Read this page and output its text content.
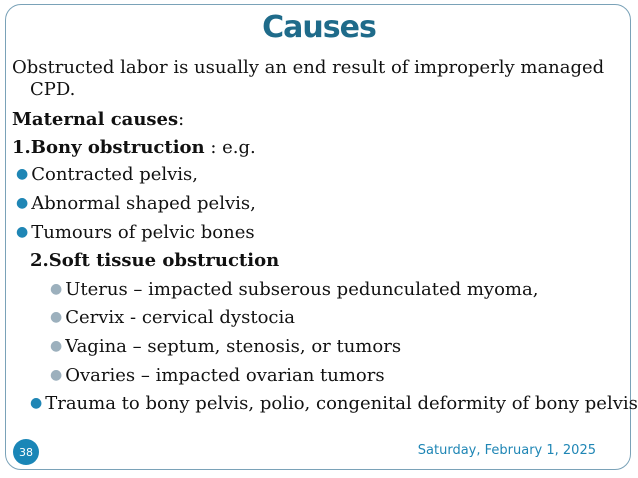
Causes
Obstructed labor is usually an end result of improperly managed
CPD.
Maternal causes:
1.Bony obstruction : e.g.
● Contracted pelvis,
● Abnormal shaped pelvis,
● Tumours of pelvic bones
2.Soft tissue obstruction
● Uterus – impacted subserous pedunculated myoma,
● Cervix - cervical dystocia
● Vagina – septum, stenosis, or tumors
● Ovaries – impacted ovarian tumors
● Trauma to bony pelvis, polio, congenital deformity of bony pelvis
38	Saturday, February 1, 2025
